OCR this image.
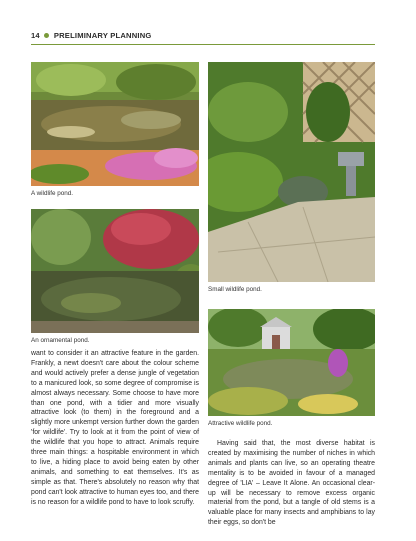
14 PRELIMINARY PLANNING
A wildlife pond.
Small wildlife pond.
An ornamental pond.
Attractive wildlife pond.

want to consider it an attractive feature in the garden. Frankly, a newt doesn't care about the colour scheme and would actively prefer a dense jungle of vegetation to a manicured look, so some degree of compromise is almost always necessary. Some choose to have more than one pond, with a tidier and more visually attractive look (to them) in the foreground and a slightly more unkempt version further down the garden 'for wildlife'. Try to look at it from the point of view of the wildlife that you hope to attract. Animals require three main things: a hospitable environment in which to live, a hiding place to avoid being eaten by other animals, and something to eat themselves. It's as simple as that. There's absolutely no reason why that pond can't look attractive to human eyes too, and there is no reason for a wildlife pond to have to look scruffy.

Having said that, the most diverse habitat is created by maximising the number of niches in which animals and plants can live, so an operating theatre mentality is to be avoided in favour of a managed degree of 'LIA' – Leave It Alone. An occasional clear-up will be necessary to remove excess organic material from the pond, but a tangle of old stems is a valuable place for many insects and amphibians to lay their eggs, so don't be
